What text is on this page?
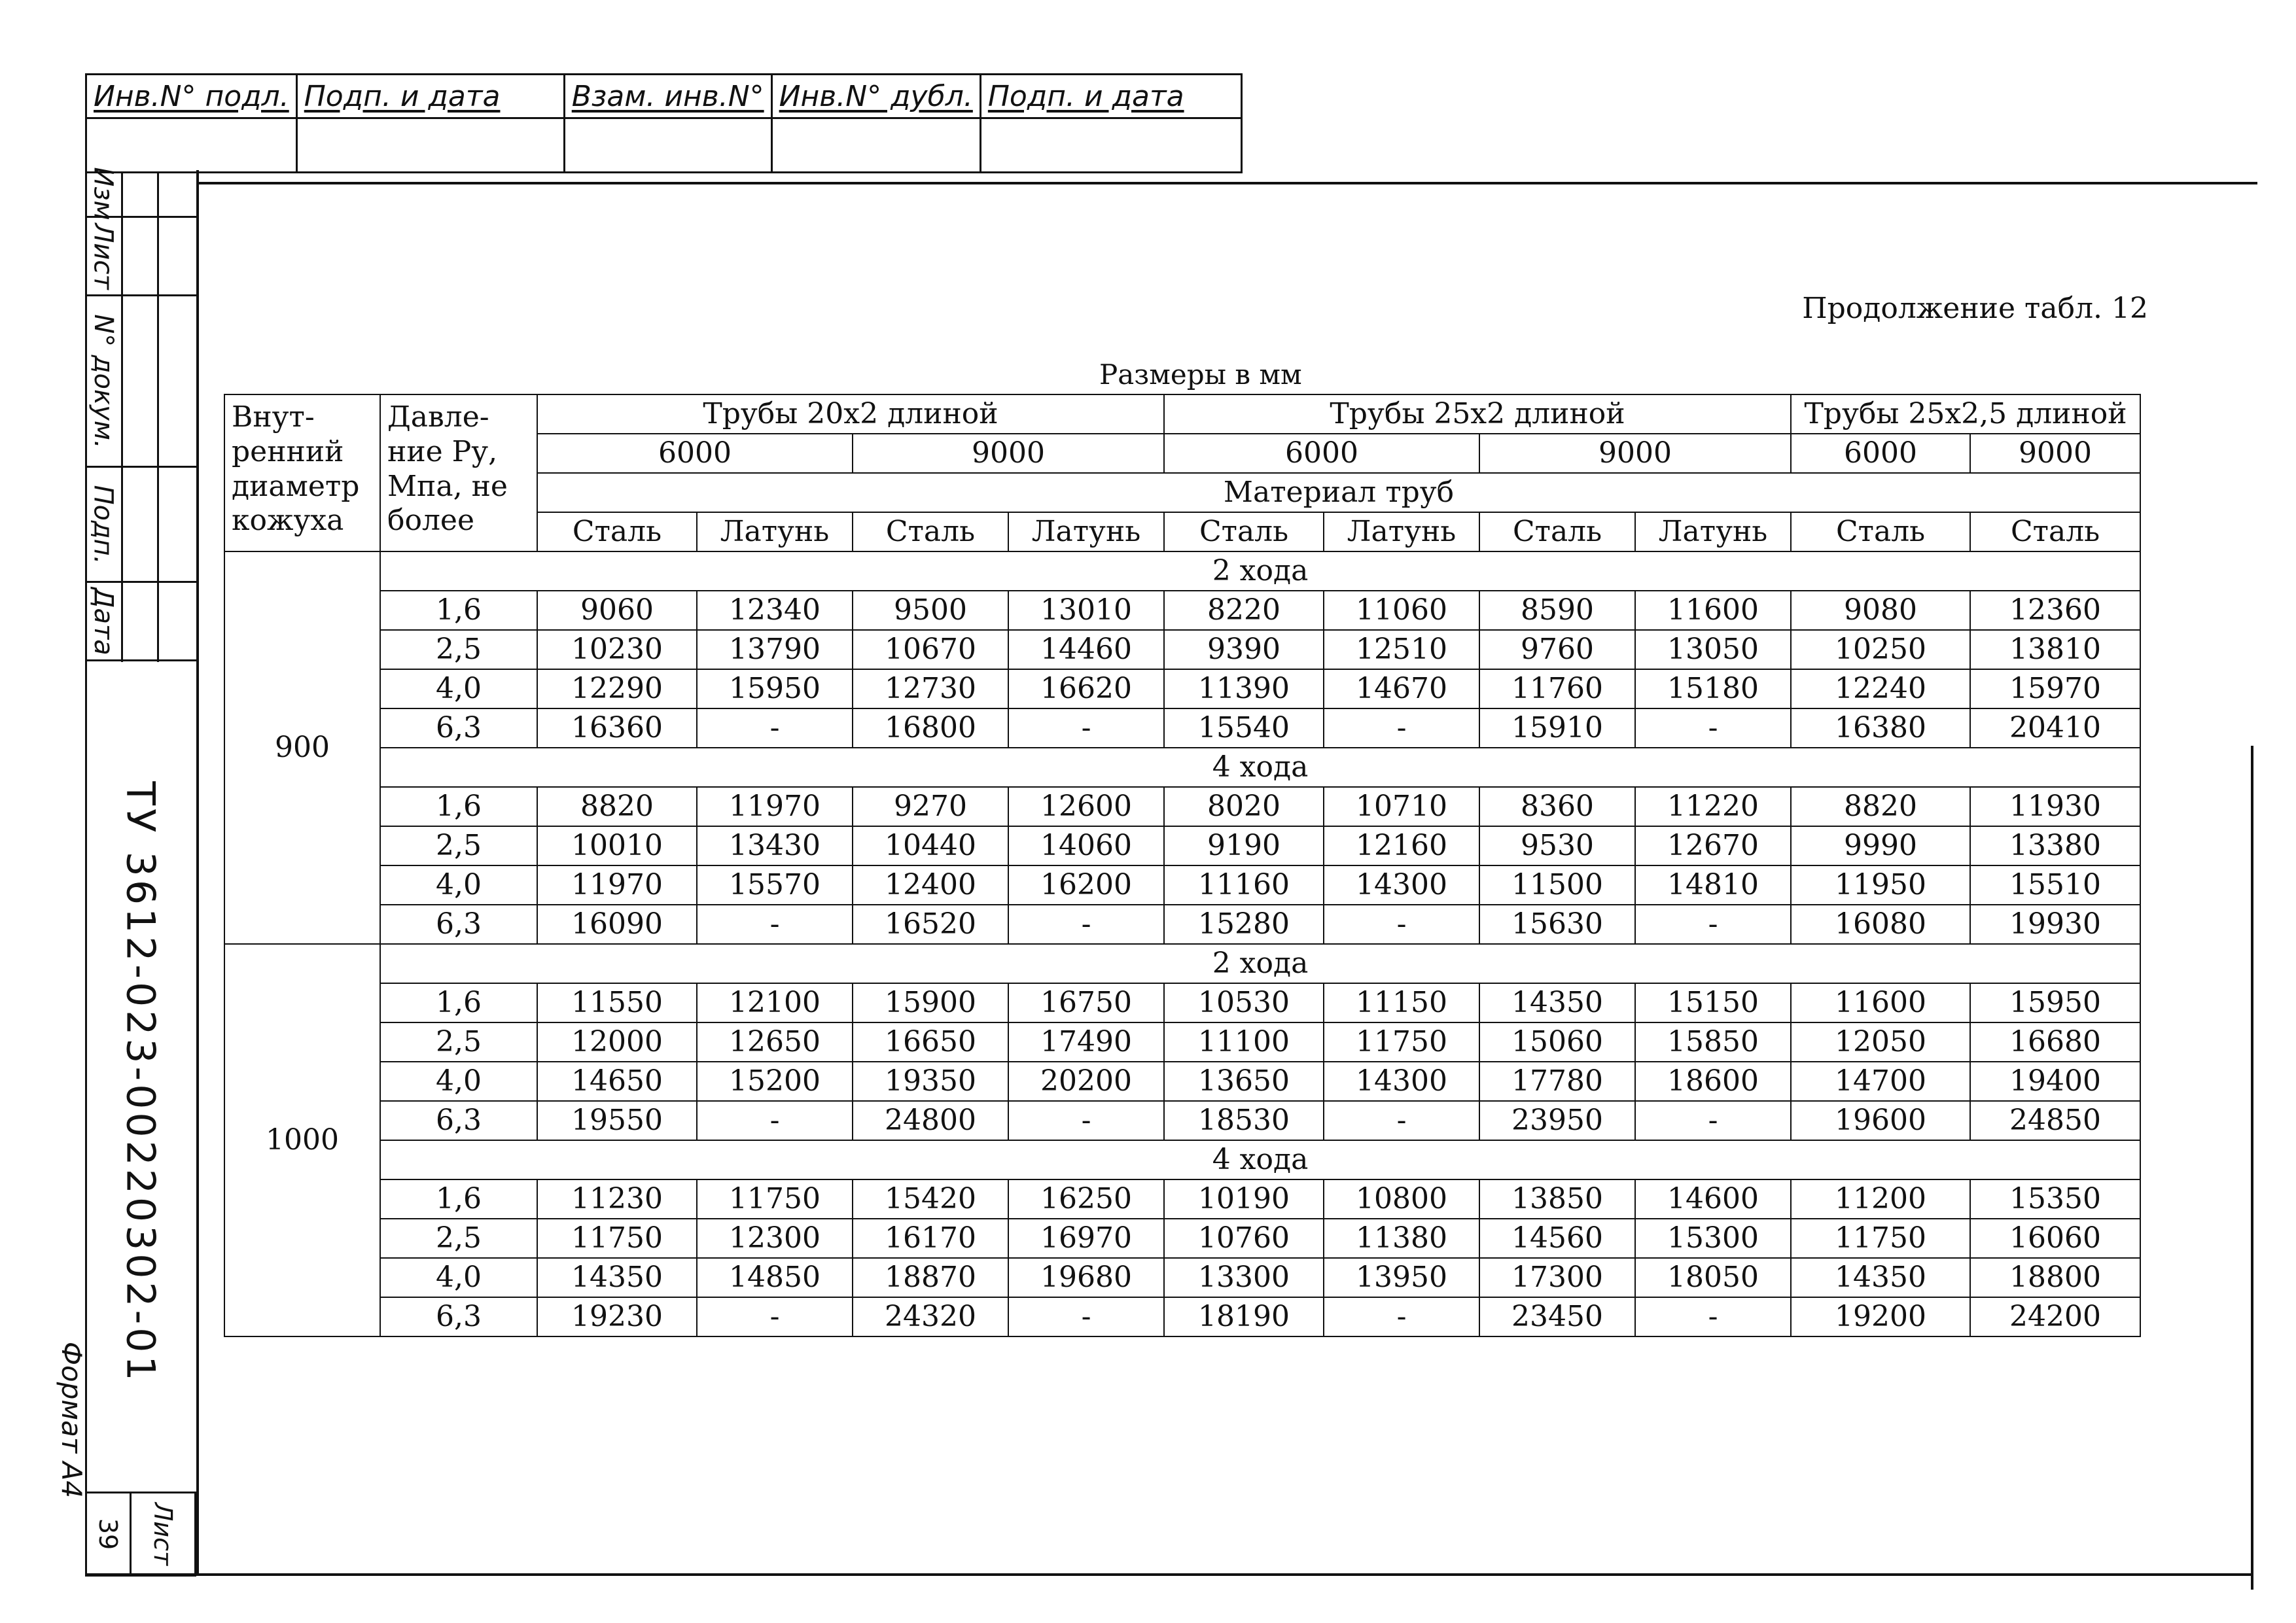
Инв.N° подл.	Подп. и дата	Взам. инв.N°	Инв.N° дубл.	Подп. и дата

Изм
Лист
N° докум.
Подп.
Дата
ТУ 3612-023-00220302-01
Формат А4
39 Лист
Продолжение табл. 12
Размеры в мм
Внут- ренний диаметр кожуха	Давле- ние Ру, Мпа, не более	Трубы 20х2 длиной				Трубы 25х2 длиной				Трубы 25х2,5 длиной	
		6000		9000		6000		9000		6000	9000
		Материал труб									
		Сталь	Латунь	Сталь	Латунь	Сталь	Латунь	Сталь	Латунь	Сталь	Сталь
900	2 хода										
	1,6	9060	12340	9500	13010	8220	11060	8590	11600	9080	12360
	2,5	10230	13790	10670	14460	9390	12510	9760	13050	10250	13810
	4,0	12290	15950	12730	16620	11390	14670	11760	15180	12240	15970
	6,3	16360	-	16800	-	15540	-	15910	-	16380	20410
	4 хода										
	1,6	8820	11970	9270	12600	8020	10710	8360	11220	8820	11930
	2,5	10010	13430	10440	14060	9190	12160	9530	12670	9990	13380
	4,0	11970	15570	12400	16200	11160	14300	11500	14810	11950	15510
	6,3	16090	-	16520	-	15280	-	15630	-	16080	19930
1000	2 хода										
	1,6	11550	12100	15900	16750	10530	11150	14350	15150	11600	15950
	2,5	12000	12650	16650	17490	11100	11750	15060	15850	12050	16680
	4,0	14650	15200	19350	20200	13650	14300	17780	18600	14700	19400
	6,3	19550	-	24800	-	18530	-	23950	-	19600	24850
	4 хода										
	1,6	11230	11750	15420	16250	10190	10800	13850	14600	11200	15350
	2,5	11750	12300	16170	16970	10760	11380	14560	15300	11750	16060
	4,0	14350	14850	18870	19680	13300	13950	17300	18050	14350	18800
	6,3	19230	-	24320	-	18190	-	23450	-	19200	24200
